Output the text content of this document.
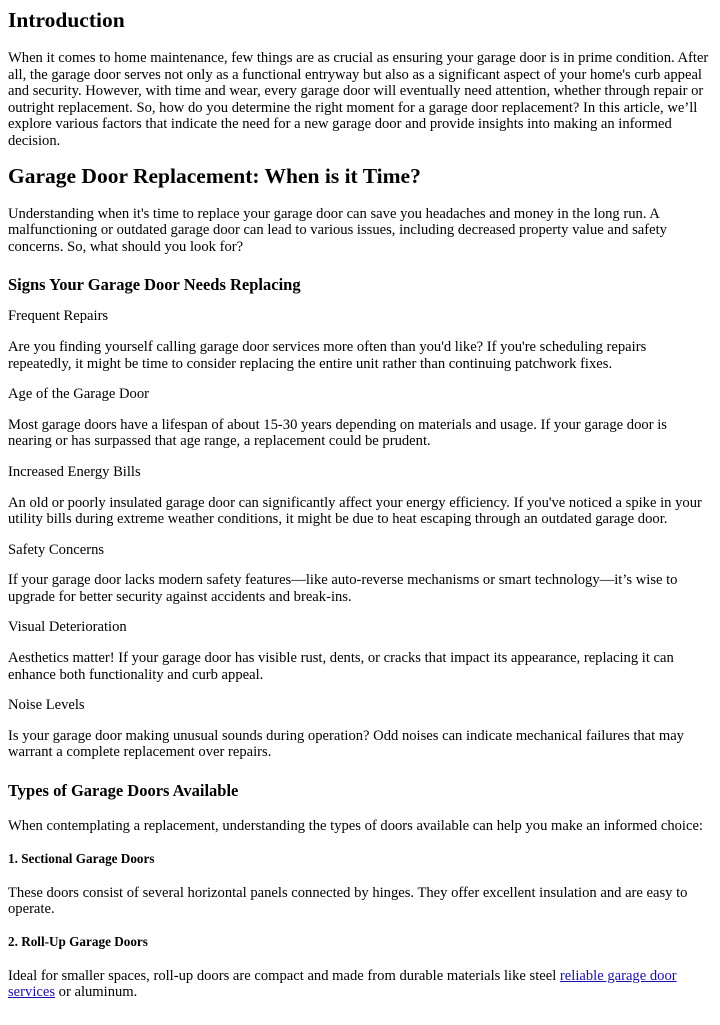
Introduction

When it comes to home maintenance, few things are as crucial as ensuring your garage door is in prime condition. After all, the garage door serves not only as a functional entryway but also as a significant aspect of your home's curb appeal and security. However, with time and wear, every garage door will eventually need attention, whether through repair or outright replacement. So, how do you determine the right moment for a garage door replacement? In this article, we’ll explore various factors that indicate the need for a new garage door and provide insights into making an informed decision.

Garage Door Replacement: When is it Time?

Understanding when it's time to replace your garage door can save you headaches and money in the long run. A malfunctioning or outdated garage door can lead to various issues, including decreased property value and safety concerns. So, what should you look for?

Signs Your Garage Door Needs Replacing

Frequent Repairs

Are you finding yourself calling garage door services more often than you'd like? If you're scheduling repairs repeatedly, it might be time to consider replacing the entire unit rather than continuing patchwork fixes.

Age of the Garage Door

Most garage doors have a lifespan of about 15-30 years depending on materials and usage. If your garage door is nearing or has surpassed that age range, a replacement could be prudent.

Increased Energy Bills

An old or poorly insulated garage door can significantly affect your energy efficiency. If you've noticed a spike in your utility bills during extreme weather conditions, it might be due to heat escaping through an outdated garage door.

Safety Concerns

If your garage door lacks modern safety features—like auto-reverse mechanisms or smart technology—it’s wise to upgrade for better security against accidents and break-ins.

Visual Deterioration

Aesthetics matter! If your garage door has visible rust, dents, or cracks that impact its appearance, replacing it can enhance both functionality and curb appeal.

Noise Levels

Is your garage door making unusual sounds during operation? Odd noises can indicate mechanical failures that may warrant a complete replacement over repairs.

Types of Garage Doors Available

When contemplating a replacement, understanding the types of doors available can help you make an informed choice:

1. Sectional Garage Doors

These doors consist of several horizontal panels connected by hinges. They offer excellent insulation and are easy to operate.

2. Roll-Up Garage Doors

Ideal for smaller spaces, roll-up doors are compact and made from durable materials like steel reliable garage door services or aluminum.
